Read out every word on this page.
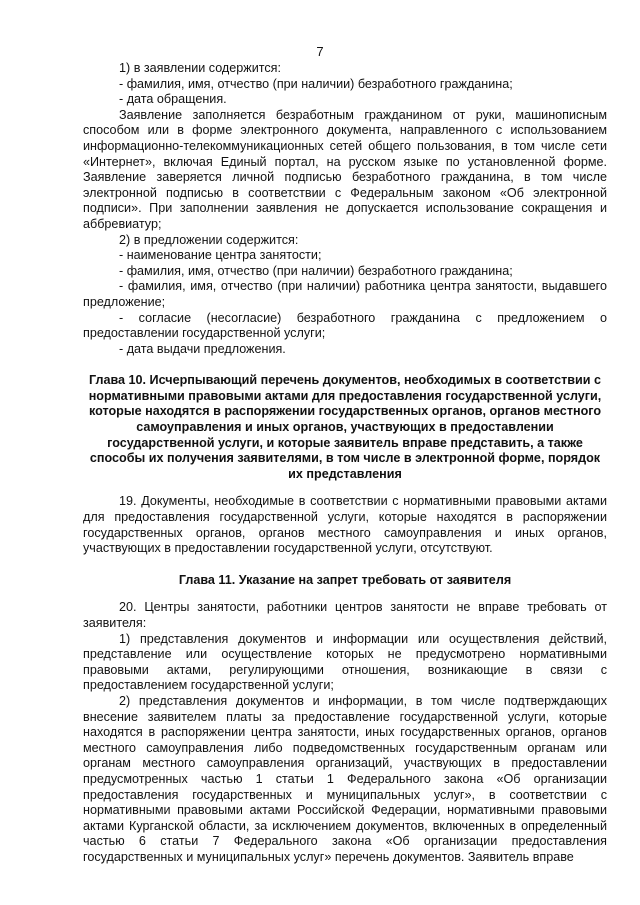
7

1) в заявлении содержится:

- фамилия, имя, отчество (при наличии) безработного гражданина;

- дата обращения.

Заявление заполняется безработным гражданином от руки, машинописным способом или в форме электронного документа, направленного с использованием информационно-телекоммуникационных сетей общего пользования, в том числе сети «Интернет», включая Единый портал, на русском языке по установленной форме. Заявление заверяется личной подписью безработного гражданина, в том числе электронной подписью в соответствии с Федеральным законом «Об электронной подписи». При заполнении заявления не допускается использование сокращения и аббревиатур;

2) в предложении содержится:

- наименование центра занятости;

- фамилия, имя, отчество (при наличии) безработного гражданина;

- фамилия, имя, отчество (при наличии) работника центра занятости, выдавшего предложение;

- согласие (несогласие) безработного гражданина с предложением о предоставлении государственной услуги;

- дата выдачи предложения.

Глава 10. Исчерпывающий перечень документов, необходимых в соответствии с нормативными правовыми актами для предоставления государственной услуги, которые находятся в распоряжении государственных органов, органов местного самоуправления и иных органов, участвующих в предоставлении государственной услуги, и которые заявитель вправе представить, а также способы их получения заявителями, в том числе в электронной форме, порядок их представления

19. Документы, необходимые в соответствии с нормативными правовыми актами для предоставления государственной услуги, которые находятся в распоряжении государственных органов, органов местного самоуправления и иных органов, участвующих в предоставлении государственной услуги, отсутствуют.

Глава 11. Указание на запрет требовать от заявителя

20. Центры занятости, работники центров занятости не вправе требовать от заявителя:

1) представления документов и информации или осуществления действий, представление или осуществление которых не предусмотрено нормативными правовыми актами, регулирующими отношения, возникающие в связи с предоставлением государственной услуги;

2) представления документов и информации, в том числе подтверждающих внесение заявителем платы за предоставление государственной услуги, которые находятся в распоряжении центра занятости, иных государственных органов, органов местного самоуправления либо подведомственных государственным органам или органам местного самоуправления организаций, участвующих в предоставлении предусмотренных частью 1 статьи 1 Федерального закона «Об организации предоставления государственных и муниципальных услуг», в соответствии с нормативными правовыми актами Российской Федерации, нормативными правовыми актами Курганской области, за исключением документов, включенных в определенный частью 6 статьи 7 Федерального закона «Об организации предоставления государственных и муниципальных услуг» перечень документов. Заявитель вправе
